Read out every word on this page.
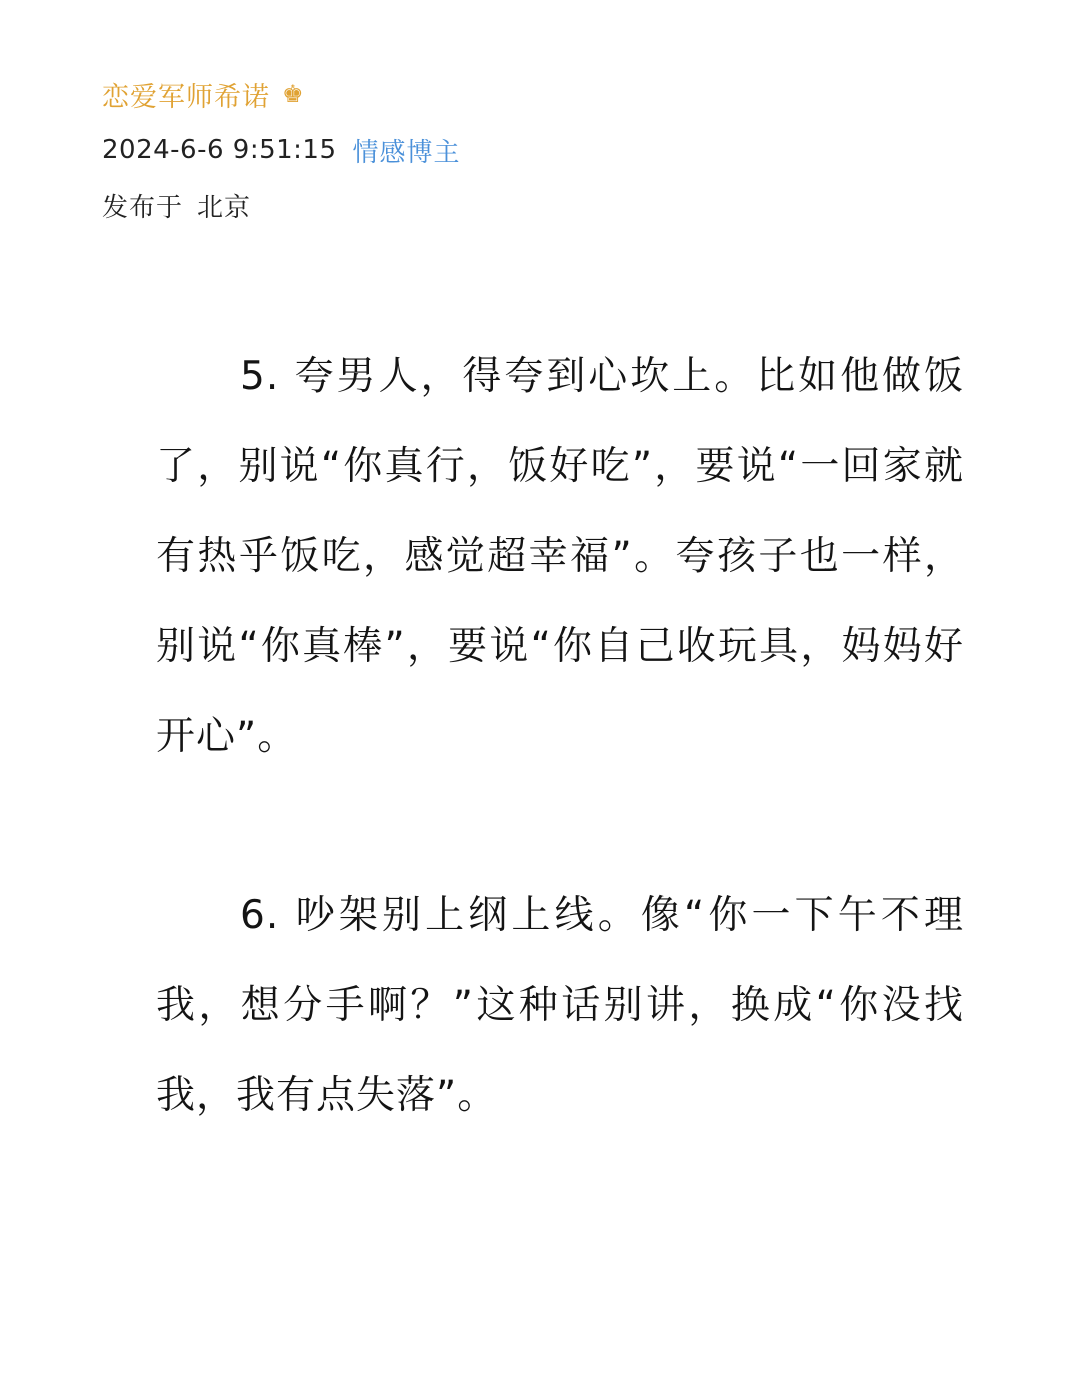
恋爱军师希诺 ♚
2024-6-6 9:51:15 情感博主
发布于 北京

5. 夸男人，得夸到心坎上。比如他做饭了，别说“你真行，饭好吃”，要说“一回家就有热乎饭吃，感觉超幸福”。夸孩子也一样，别说“你真棒”，要说“你自己收玩具，妈妈好开心”。

6. 吵架别上纲上线。像“你一下午不理我，想分手啊？”这种话别讲，换成“你没找我，我有点失落”。
